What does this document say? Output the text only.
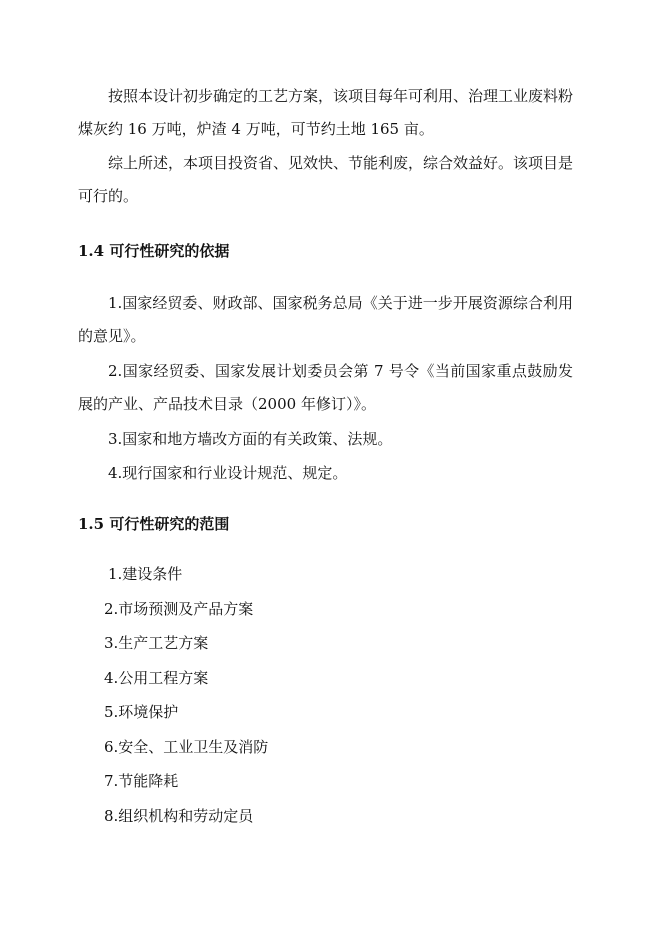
按照本设计初步确定的工艺方案，该项目每年可利用、治理工业废料粉煤灰约 16 万吨，炉渣 4 万吨，可节约土地 165 亩。

综上所述，本项目投资省、见效快、节能利废，综合效益好。该项目是可行的。

1.4 可行性研究的依据

1.国家经贸委、财政部、国家税务总局《关于进一步开展资源综合利用的意见》。

2.国家经贸委、国家发展计划委员会第 7 号令《当前国家重点鼓励发展的产业、产品技术目录（2000 年修订）》。

3.国家和地方墙改方面的有关政策、法规。

4.现行国家和行业设计规范、规定。

1.5 可行性研究的范围

1.建设条件

2.市场预测及产品方案

3.生产工艺方案

4.公用工程方案

5.环境保护

6.安全、工业卫生及消防

7.节能降耗

8.组织机构和劳动定员
